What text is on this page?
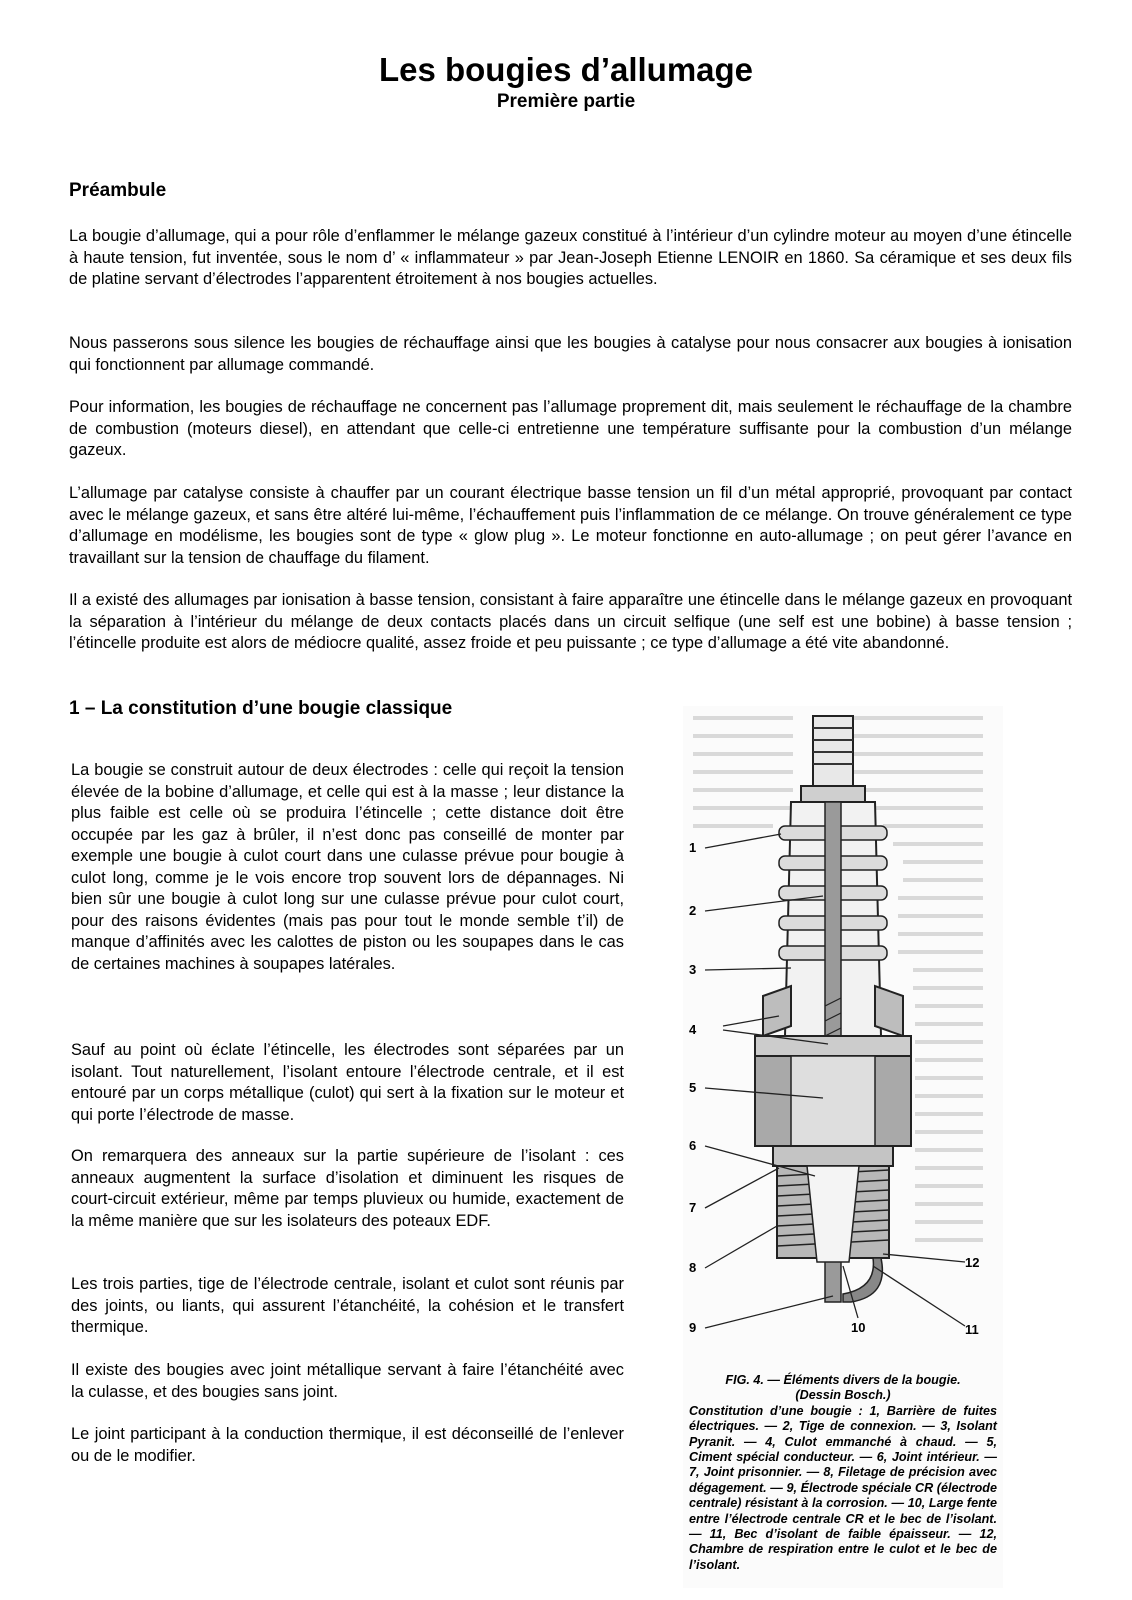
Les bougies d’allumage
Première partie
Préambule

La bougie d’allumage, qui a pour rôle d’enflammer le mélange gazeux constitué à l’intérieur d’un cylindre moteur au moyen d’une étincelle à haute tension, fut inventée, sous le nom d’ « inflammateur » par Jean-Joseph Etienne LENOIR en 1860. Sa céramique et ses deux fils de platine servant d’électrodes l’apparentent étroitement à nos bougies actuelles.

Nous passerons sous silence les bougies de réchauffage ainsi que les bougies à catalyse pour nous consacrer aux bougies à ionisation qui fonctionnent par allumage commandé.

Pour information, les bougies de réchauffage ne concernent pas l’allumage proprement dit, mais seulement le réchauffage de la chambre de combustion (moteurs diesel), en attendant que celle-ci entretienne une température suffisante pour la combustion d’un mélange gazeux.

L’allumage par catalyse consiste à chauffer par un courant électrique basse tension un fil d’un métal approprié, provoquant par contact avec le mélange gazeux, et sans être altéré lui-même, l’échauffement puis l’inflammation de ce mélange. On trouve généralement ce type d’allumage en modélisme, les bougies sont de type « glow plug ». Le moteur fonctionne en auto-allumage ; on peut gérer l’avance en travaillant sur la tension de chauffage du filament.

Il a existé des allumages par ionisation à basse tension, consistant à faire apparaître une étincelle dans le mélange gazeux en provoquant la séparation à l’intérieur du mélange de deux contacts placés dans un circuit selfique (une self est une bobine) à basse tension ; l’étincelle produite est alors de médiocre qualité, assez froide et peu puissante ; ce type d’allumage a été vite abandonné.

1 – La constitution d’une bougie classique

La bougie se construit autour de deux électrodes : celle qui reçoit la tension élevée de la bobine d’allumage, et celle qui est à la masse ; leur distance la plus faible est celle où se produira l’étincelle ; cette distance doit être occupée par les gaz à brûler, il n’est donc pas conseillé de monter par exemple une bougie à culot court dans une culasse prévue pour bougie à culot long, comme je le vois encore trop souvent lors de dépannages. Ni bien sûr une bougie à culot long sur une culasse prévue pour culot court, pour des raisons évidentes (mais pas pour tout le monde semble t’il) de manque d’affinités avec les calottes de piston ou les soupapes dans le cas de certaines machines à soupapes latérales.

Sauf au point où éclate l’étincelle, les électrodes sont séparées par un isolant. Tout naturellement, l’isolant entoure l’électrode centrale, et il est entouré par un corps métallique (culot) qui sert à la fixation sur le moteur et qui porte l’électrode de masse.

On remarquera des anneaux sur la partie supérieure de l’isolant : ces anneaux augmentent la surface d’isolation et diminuent les risques de court-circuit extérieur, même par temps pluvieux ou humide, exactement de la même manière que sur les isolateurs des poteaux EDF.

Les trois parties, tige de l’électrode centrale, isolant et culot sont réunis par des joints, ou liants, qui assurent l’étanchéité, la cohésion et le transfert thermique.

Il existe des bougies avec joint métallique servant à faire l’étanchéité avec la culasse, et des bougies sans joint.

Le joint participant à la conduction thermique, il est déconseillé de l’enlever ou de le modifier.

1
2
3
4
5
6
7
8
9	10	11
12
FIG. 4. — Éléments divers de la bougie.
(Dessin Bosch.)
Constitution d’une bougie : 1, Barrière de fuites électriques. — 2, Tige de connexion. — 3, Isolant Pyranit. — 4, Culot emmanché à chaud. — 5, Ciment spécial conducteur. — 6, Joint intérieur. — 7, Joint prisonnier. — 8, Filetage de précision avec dégagement. — 9, Électrode spéciale CR (électrode centrale) résistant à la corrosion. — 10, Large fente entre l’électrode centrale CR et le bec de l’isolant. — 11, Bec d’isolant de faible épaisseur. — 12, Chambre de respiration entre le culot et le bec de l’isolant.
